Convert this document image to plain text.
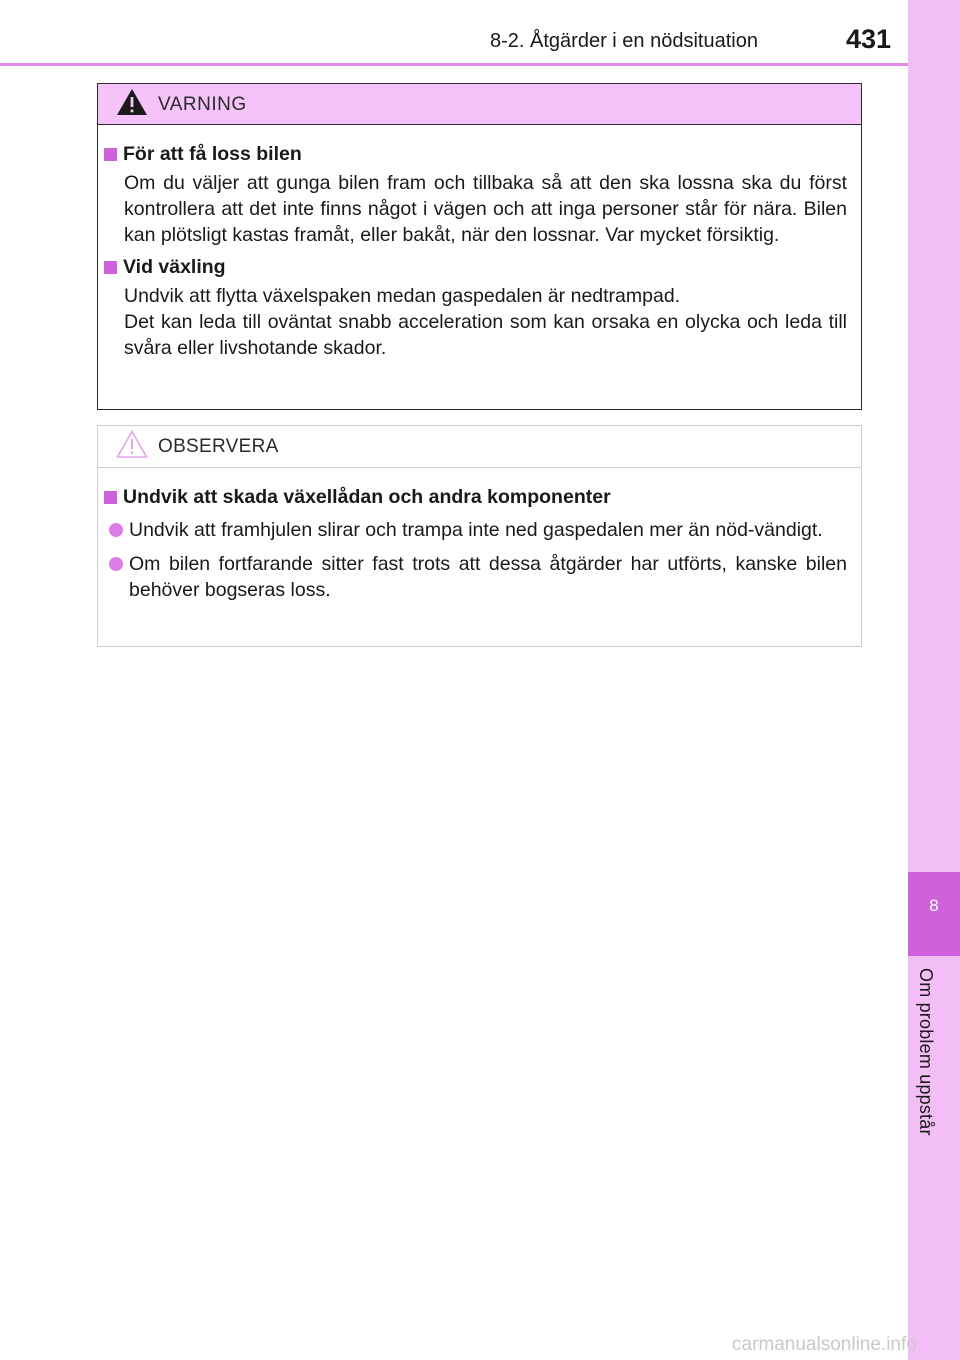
8
Om problem uppstår
8-2. Åtgärder i en nödsituation	431
VARNING
För att få loss bilen

Om du väljer att gunga bilen fram och tillbaka så att den ska lossna ska du först kontrollera att det inte finns något i vägen och att inga personer står för nära. Bilen kan plötsligt kastas framåt, eller bakåt, när den lossnar. Var mycket försiktig.

Vid växling

Undvik att flytta växelspaken medan gaspedalen är nedtrampad.

Det kan leda till oväntat snabb acceleration som kan orsaka en olycka och leda till svåra eller livshotande skador.

OBSERVERA
Undvik att skada växellådan och andra komponenter
Undvik att framhjulen slirar och trampa inte ned gaspedalen mer än nöd-vändigt.
Om bilen fortfarande sitter fast trots att dessa åtgärder har utförts, kanske bilen behöver bogseras loss.
carmanualsonline.info
